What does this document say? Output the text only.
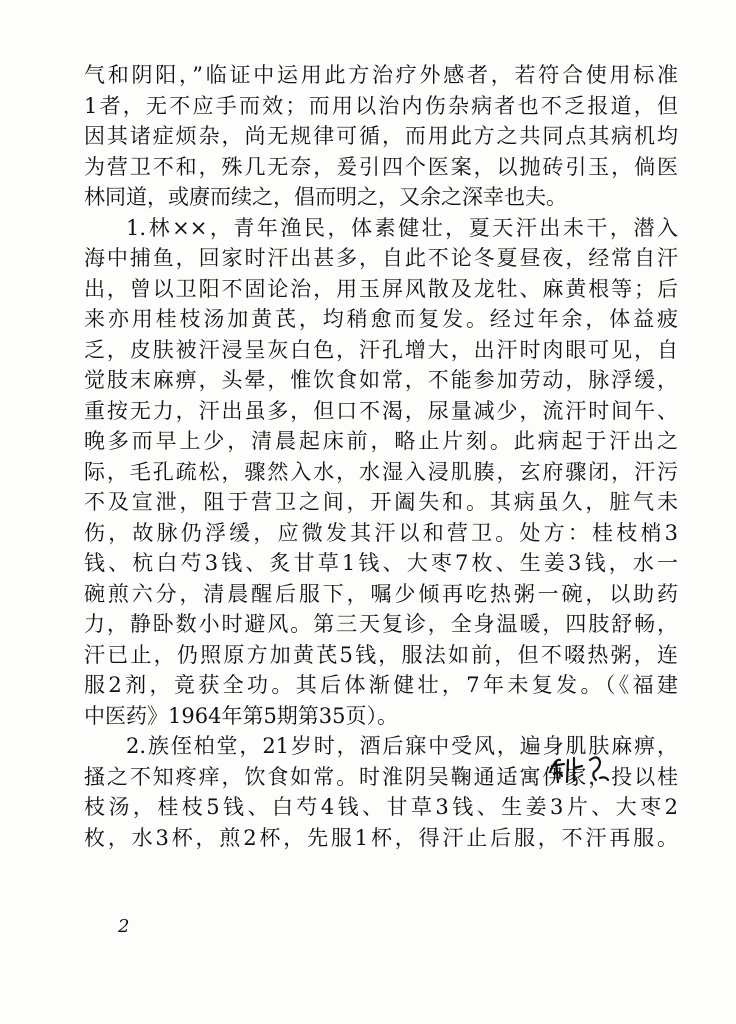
气和阴阳，”临证中运用此方治疗外感者，若符合使用标准
1者，无不应手而效；而用以治内伤杂病者也不乏报道，但
因其诸症烦杂，尚无规律可循，而用此方之共同点其病机均
为营卫不和，殊几无奈，爰引四个医案，以抛砖引玉，倘医
林同道，或赓而续之，倡而明之，又余之深幸也夫。
1.林××，青年渔民，体素健壮，夏天汗出未干，潜入
海中捕鱼，回家时汗出甚多，自此不论冬夏昼夜，经常自汗
出，曾以卫阳不固论治，用玉屏风散及龙牡、麻黄根等；后
来亦用桂枝汤加黄芪，均稍愈而复发。经过年余，体益疲
乏，皮肤被汗浸呈灰白色，汗孔增大，出汗时肉眼可见，自
觉肢末麻痹，头晕，惟饮食如常，不能参加劳动，脉浮缓，
重按无力，汗出虽多，但口不渴，尿量减少，流汗时间午、
晚多而早上少，清晨起床前，略止片刻。此病起于汗出之
际，毛孔疏松，骤然入水，水湿入浸肌腠，玄府骤闭，汗污
不及宣泄，阻于营卫之间，开阖失和。其病虽久，脏气未
伤，故脉仍浮缓，应微发其汗以和营卫。处方：桂枝梢3
钱、杭白芍3钱、炙甘草1钱、大枣7枚、生姜3钱，水一
碗煎六分，清晨醒后服下，嘱少倾再吃热粥一碗，以助药
力，静卧数小时避风。第三天复诊，全身温暖，四肢舒畅，
汗已止，仍照原方加黄芪5钱，服法如前，但不啜热粥，连
服2剂，竟获全功。其后体渐健壮，7年未复发。（《福建
中医药》1964年第5期第35页）。
2.族侄柏堂，21岁时，酒后寐中受风，遍身肌肤麻痹，
搔之不知疼痒，饮食如常。时淮阴吴鞠通适寓伊家，投以桂
枝汤，桂枝5钱、白芍4钱、甘草3钱、生姜3片、大枣2
枚，水3杯，煎2杯，先服1杯，得汗止后服，不汗再服。
2
